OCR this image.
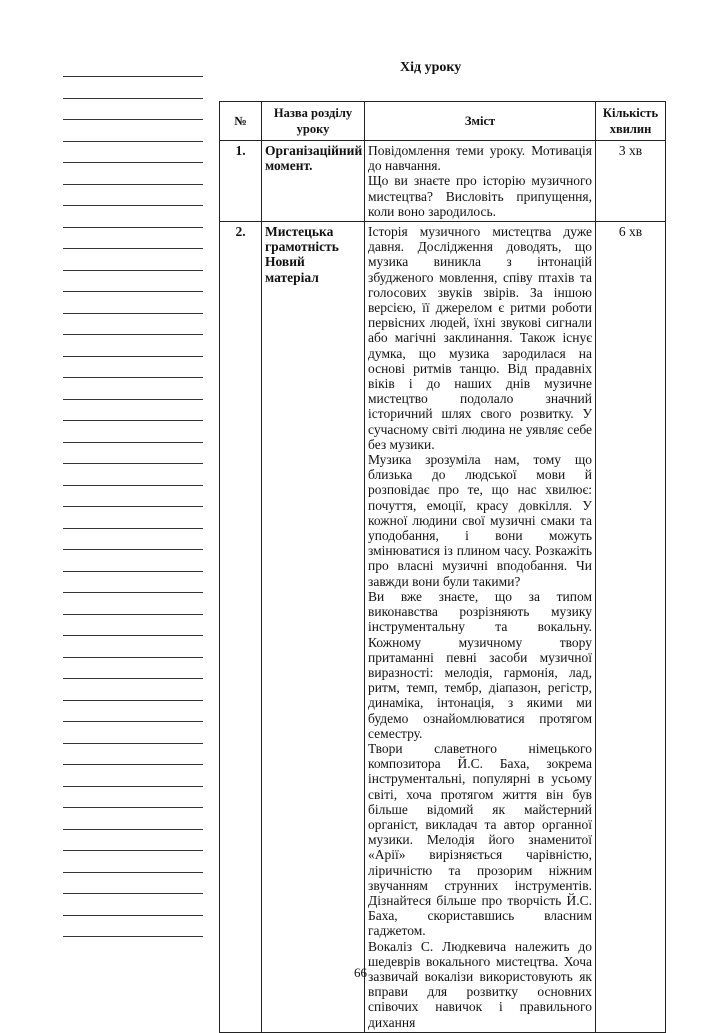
Хід уроку
№	Назва розділу уроку	Зміст	Кількість хвилин
1.	Організаційний момент.	Повідомлення теми уроку. Мотивація до навчання.

Що ви знаєте про історію музичного мистецтва? Висловіть припущення, коли воно зародилось.	3 хв
2.	Мистецька грамотність Новий матеріал	Історія музичного мистецтва дуже давня. Дослідження доводять, що музика виникла з інтонацій збудженого мовлення, співу птахів та голосових звуків звірів. За іншою версією, її джерелом є ритми роботи первісних людей, їхні звукові сигнали або магічні заклинання. Також існує думка, що музика зародилася на основі ритмів танцю. Від прадавніх віків і до наших днів музичне мистецтво подолало значний історичний шлях свого розвитку. У сучасному світі людина не уявляє себе без музики.

Музика зрозуміла нам, тому що близька до людської мови й розповідає про те, що нас хвилює: почуття, емоції, красу довкілля. У кожної людини свої музичні смаки та уподобання, і вони можуть змінюватися із плином часу. Розкажіть про власні музичні вподобання. Чи завжди вони були такими?

Ви вже знаєте, що за типом виконавства розрізняють музику інструментальну та вокальну. Кожному музичному твору притаманні певні засоби музичної виразності: мелодія, гармонія, лад, ритм, темп, тембр, діапазон, регістр, динаміка, інтонація, з якими ми будемо ознайомлюватися протягом семестру.

Твори славетного німецького композитора Й.С. Баха, зокрема інструментальні, популярні в усьому світі, хоча протягом життя він був більше відомий як майстерний органіст, викладач та автор органної музики. Мелодія його знаменитої «Арії» вирізняється чарівністю, ліричністю та прозорим ніжним звучанням струнних інструментів. Дізнайтеся більше про творчість Й.С. Баха, скориставшись власним гаджетом.

Вокаліз С. Людкевича належить до шедеврів вокального мистецтва. Хоча зазвичай вокалізи використовують як вправи для розвитку основних співочих навичок і правильного дихання	6 хв
66
